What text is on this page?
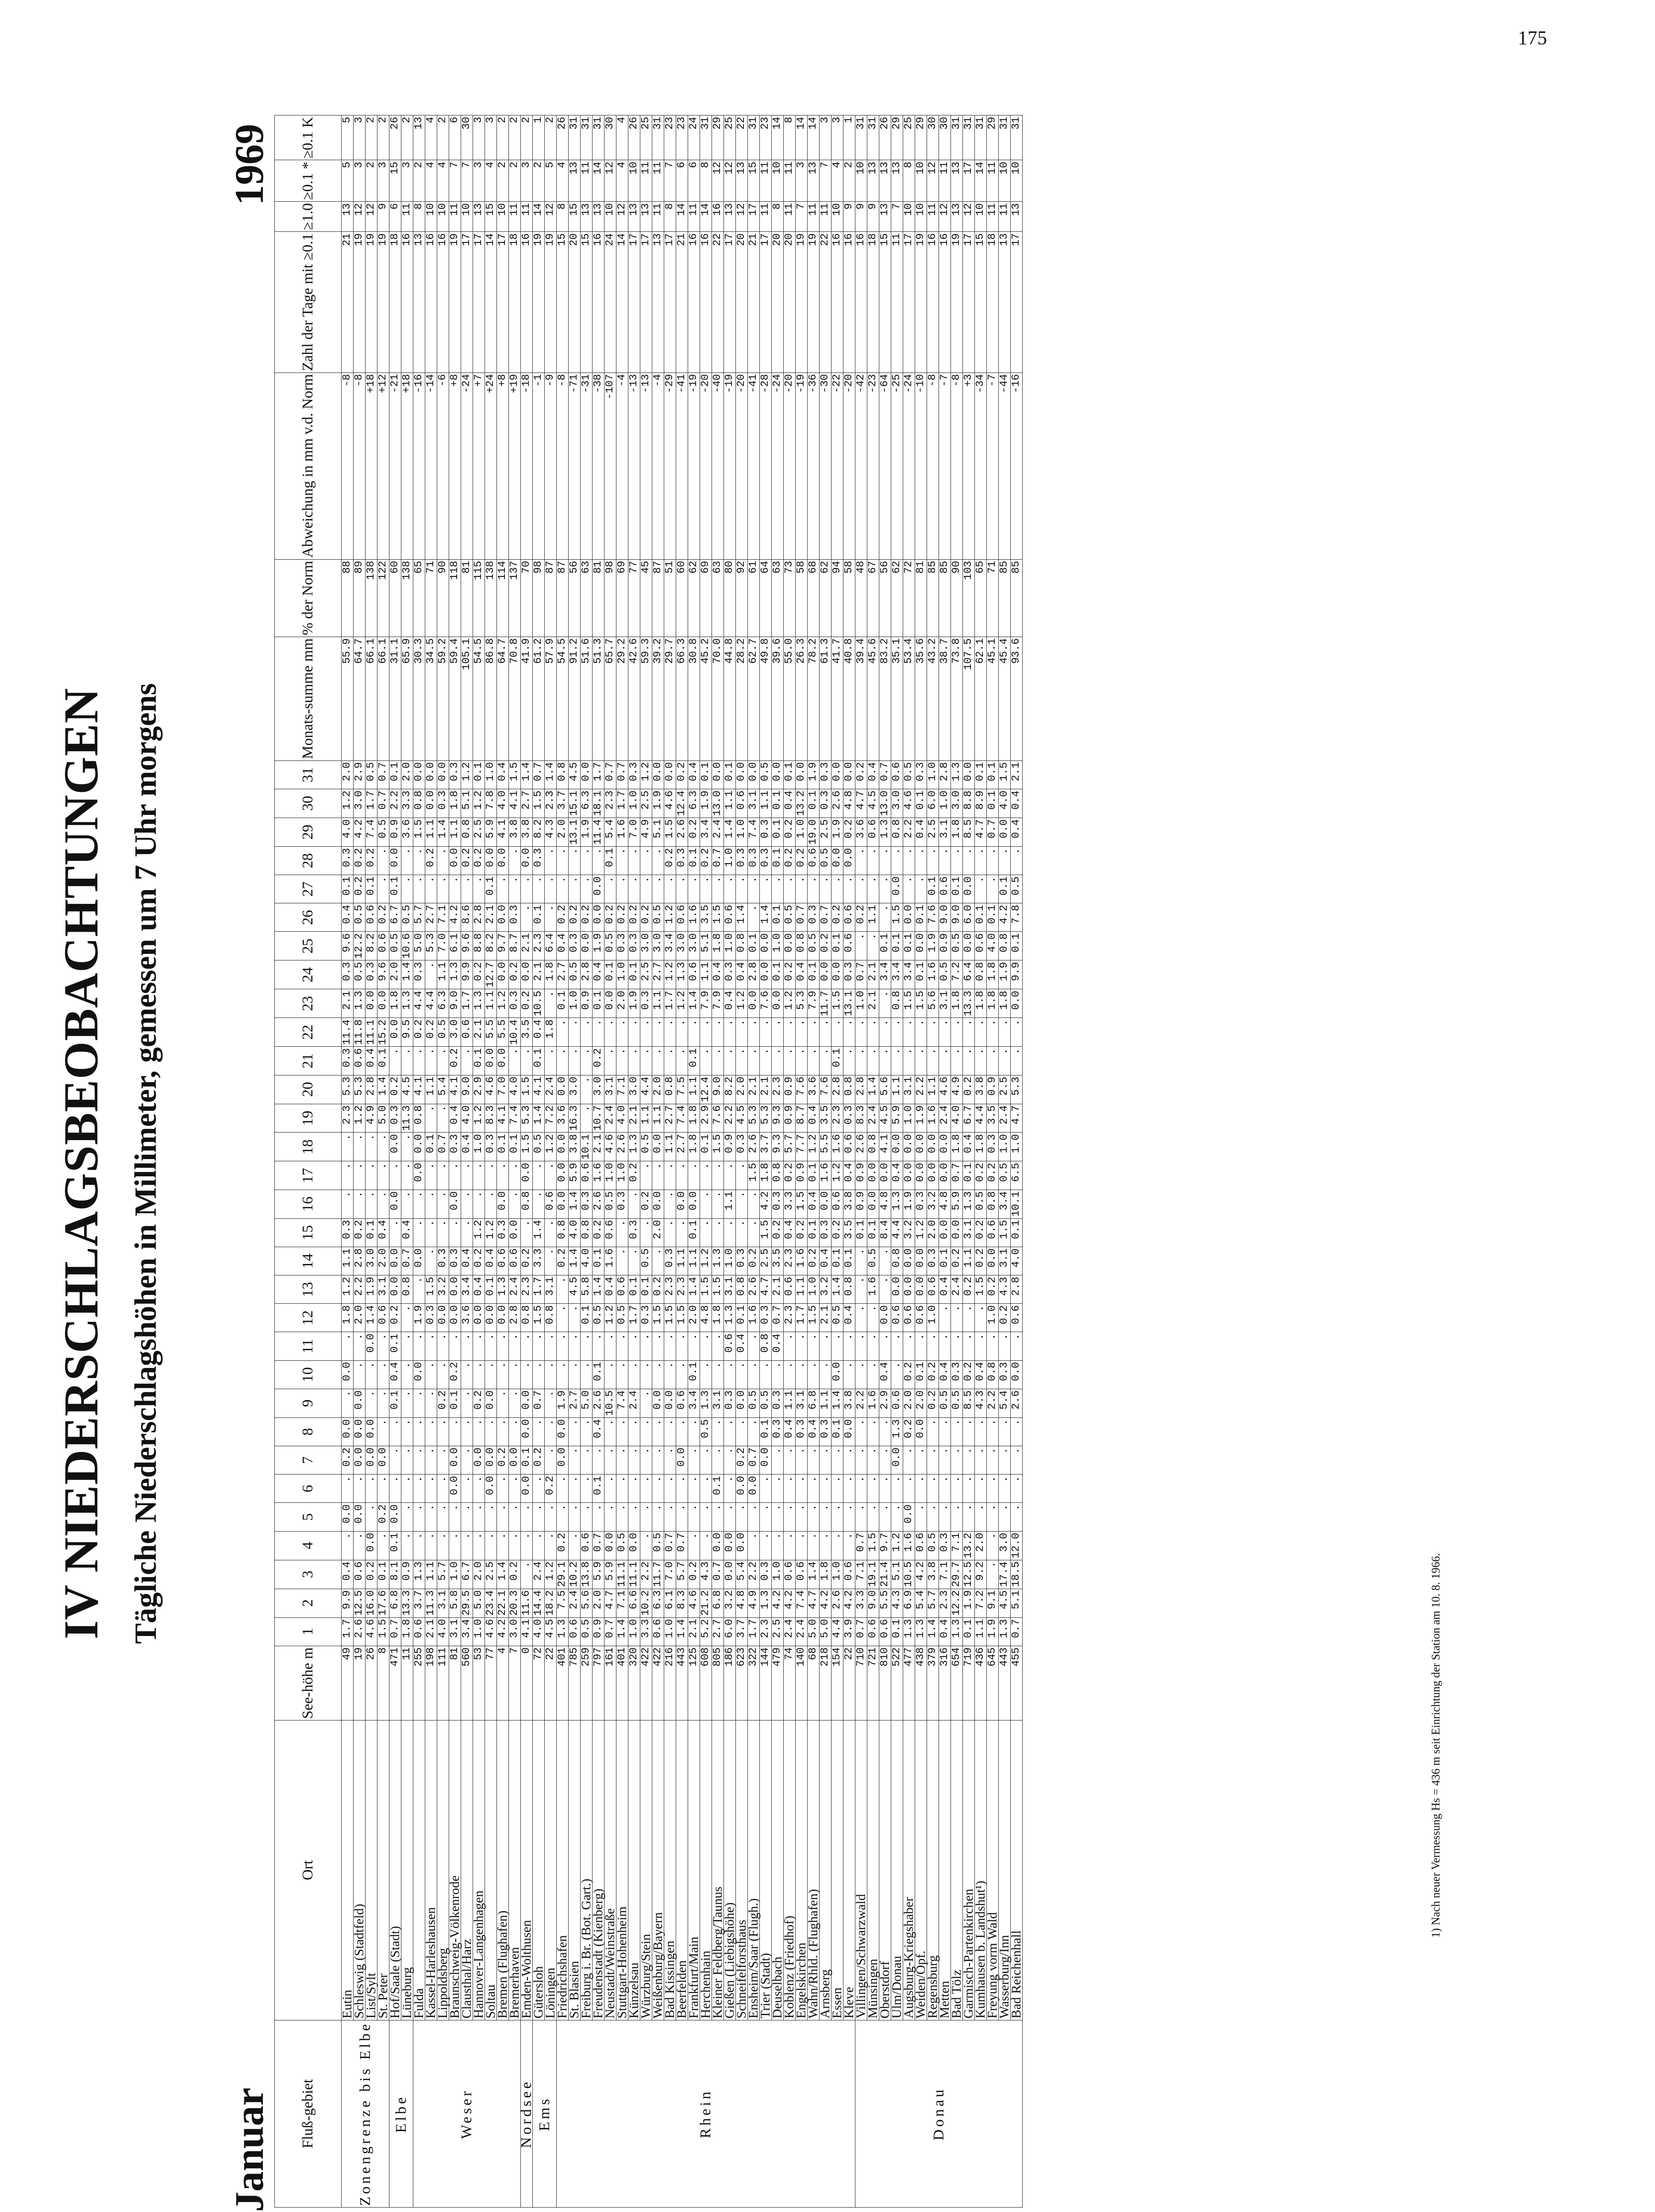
175
1) Nach neuer Vermessung Hs = 436 m seit Einrichtung der Station am 10. 8. 1966.
IV NIEDERSCHLAGSBEOBACHTUNGEN Tägliche Niederschlagshöhen in Millimeter, gemessen um 7 Uhr morgens
Januar
1969
Fluß-gebiet	Ort	See-höhe m	1	2	3	4	5	6	7	8	9	10	11	12	13	14	15	16	17	18	19	20	21	22	23	24	25	26	27	28	29	30	31	Monats-summe mm	% der Norm	Abweichung in mm v.d. Norm	Zahl der Tage mit ≥0.1	≥1.0	≥0.1 *	≥0.1 K
Zonengrenze bis Elbe	Eutin	49	1.7	9.9	0.4	.	0.0	.	0.2	0.0	.	0.0	.	1.8	1.2	1.1	0.3	.	.	.	2.3	5.3	0.3	11.4	2.1	0.3	9.6	0.4	0.1	0.3	4.0	1.2	2.0	55.9	88	-8	21	13	5	5
	Schleswig (Stadtfeld)	19	2.6	12.5	0.6	.	0.0	.	0.0	0.0	0.0	.	.	2.0	2.2	2.8	0.2	.	.	.	1.2	5.3	0.6	11.8	1.3	0.5	12.2	0.5	0.2	0.2	4.2	3.0	2.9	64.7	89	-8	19	12	3	3
	List/Sylt	26	4.6	16.0	0.2	0.0	.	.	0.0	0.0	.	.	0.0	1.4	1.9	3.0	0.1	.	.	.	4.9	2.8	0.4	11.1	0.0	0.3	8.2	0.6	0.1	0.2	7.4	1.7	0.5	66.1	138	+18	19	12	2	2
	St. Peter	8	1.5	17.6	0.1	.	0.2	.	0.0	.	.	.	.	0.6	3.1	2.0	0.4	.	.	.	5.0	1.4	0.1	15.2	0.0	9.6	0.6	0.2	.	.	0.5	0.7	0.7	66.1	122	+12	19	9	3	2
Elbe	Hof/Saale (Stadt)	471	0.7	6.8	8.1	0.1	0.0	.	.	.	0.1	0.4	0.1	0.2	0.0	0.0	.	0.0	.	0.0	0.3	0.2	.	0.0	1.8	2.0	0.5	6.7	0.1	0.0	0.9	2.2	0.1	31.1	60	-21	18	6	15	26
	Lüneburg	11	1.8	13.3	0.9	.	.	.	.	.	.	.	.	.	0.8	0.7	0.4	.	.	.	11.3	4.5	.	9.5	1.3	1.4	10.6	0.5	.	.	3.6	3.3	2.0	65.9	138	+18	16	11	3	2
Weser	Fulda	255	0.6	3.7	1.3	.	.	.	.	.	.	0.0	.	1.9	.	0.0	.	.	0.0	0.0	0.8	4.1	.	0.2	4.4	0.3	5.0	5.7	.	.	1.5	0.8	0.0	30.3	65	-16	13	8	2	13
	Kassel-Harleshausen	198	2.1	11.3	1.1	.	.	.	.	.	.	.	.	0.3	1.5	.	.	.	.	0.1	.	1.1	.	0.2	4.4	.	5.3	2.7	.	0.2	1.1	0.0	0.0	34.5	71	-14	16	10	4	4
	Lippoldsberg	111	4.0	3.1	5.7	.	.	.	.	.	0.2	.	.	0.0	3.2	0.3	.	.	.	0.7	.	5.4	.	0.5	6.3	1.1	7.0	7.1	.	.	1.4	0.3	0.0	59.2	90	-6	16	10	4	2
	Braunschweig-Völkenrode	81	3.1	5.8	1.0	.	.	0.0	0.0	.	0.1	0.2	.	0.0	0.0	0.3	.	0.0	.	0.3	0.4	4.1	0.2	3.0	9.0	1.3	6.1	4.2	.	0.0	1.1	1.8	0.3	59.4	118	+8	19	11	7	6
	Clausthal/Harz	560	3.4	29.5	6.7	.	.	.	.	.	.	.	.	3.6	3.4	0.4	.	.	.	0.4	4.0	9.0	.	0.6	1.7	9.9	9.6	8.6	.	0.2	0.8	5.1	1.2	105.1	81	-24	17	10	7	30
	Hannover-Langenhagen	53	1.0	5.0	2.0	.	.	.	0.0	.	0.2	.	.	0.0	0.4	0.2	1.2	.	.	1.0	1.2	2.9	0.1	2.1	1.3	0.2	8.8	2.8	.	0.2	2.5	1.2	0.1	54.5	115	+7	17	13	3	3
	Soltau	77	4.6	23.4	2.5	.	.	0.0	0.0	.	0.0	.	.	0.0	0.1	0.4	1.2	.	.	0.3	8.3	4.6	0.0	5.5	1.1	12.7	8.2	2.1	0.1	0.0	5.9	7.8	1.0	86.8	138	+24	14	15	4	3
	Bremen (Flughafen)	4	4.2	22.1	1.4	.	.	.	0.2	.	.	.	.	0.0	1.3	0.6	0.3	0.0	.	0.1	4.1	7.0	0.0	5.5	1.2	0.0	9.7	0.0	.	0.0	4.1	4.0	0.4	64.7	114	+8	17	10	2	2
	Bremerhaven	7	3.0	20.3	0.2	.	.	.	0.0	.	.	.	.	2.8	2.4	0.6	0.0	.	.	0.1	7.4	4.0	.	10.4	0.3	0.2	8.7	0.3	.	.	3.8	4.1	1.5	70.8	137	+19	18	11	2	2
Nordsee	Emden-Wolthusen	0	4.1	11.6	.	.	.	0.0	0.1	0.0	0.0	.	.	0.8	2.3	0.2	.	0.8	0.0	1.5	5.3	1.5	.	3.5	0.2	0.0	2.1	.	.	0.0	3.8	2.7	1.4	41.9	70	-18	16	11	3	2
Ems	Gütersloh	72	4.0	14.4	2.4	.	.	.	0.2	.	0.7	.	.	1.5	1.7	3.3	1.4	.	.	0.5	1.4	4.1	0.1	0.4	10.5	2.1	2.3	0.1	.	0.3	8.2	1.5	0.7	61.2	98	-1	19	14	2	1
	Löningen	22	4.5	18.2	1.2	.	.	0.2	.	.	.	.	.	0.8	3.1	.	.	0.6	.	1.2	7.2	2.4	.	1.8	.	1.8	6.4	.	.	.	4.3	2.3	1.4	57.9	87	-9	19	12	5	2
Rhein	Friedrichshafen	401	1.3	7.5	29.1	0.2	.	.	0.0	0.0	1.9	.	.	.	.	0.2	0.8	0.0	0.0	0.0	3.6	0.0	.	.	0.1	2.7	0.4	0.2	.	.	2.0	3.7	0.8	54.5	87	-8	15	8	4	26
	St. Blasien	785	0.6	2.4	10.2	.	.	.	.	.	2.7	.	.	.	4.5	1.4	4.0	1.4	5.9	3.8	16.3	3.0	.	.	1.0	0.5	0.3	0.2	.	.	13.1	15.1	4.5	91.2	56	-71	20	15	13	31
	Freiburg i. Br. (Bot. Gart.)	259	0.5	5.6	13.8	0.6	.	.	.	.	5.0	.	.	0.1	5.8	4.0	0.8	0.3	0.6	10.1	.	.	.	.	0.9	2.8	0.0	0.2	.	.	1.9	6.3	0.0	51.6	63	-31	15	13	11	31
	Freudenstadt (Kienberg)	797	0.9	2.0	5.9	0.7	.	0.1	.	0.4	2.6	0.1	.	0.5	1.4	0.1	0.2	2.6	1.6	2.1	10.7	3.0	0.2	.	0.1	0.4	1.9	0.0	0.0	.	11.4	18.1	1.7	51.3	81	-38	16	13	14	31
	Neustadt/Weinstraße	161	0.7	4.7	5.9	0.0	.	.	.	.	10.5	.	.	1.2	0.4	1.6	0.6	0.5	1.0	4.6	2.4	3.1	.	.	0.0	0.1	0.5	0.2	.	0.1	5.4	2.3	0.7	65.7	98	-107	24	10	12	30
	Stuttgart-Hohenheim	401	1.4	7.1	11.1	0.5	.	.	.	.	7.4	.	.	0.5	0.6	.	.	0.3	1.0	2.6	4.0	7.1	.	.	2.0	1.0	0.3	0.2	.	.	1.6	1.7	0.7	29.2	69	-4	14	12	4	4
	Künzelsau	320	1.0	6.6	11.1	0.0	.	.	.	.	2.4	.	.	1.7	0.1	.	0.3	.	0.2	1.3	2.1	3.0	.	.	1.9	0.1	0.3	0.2	.	.	7.0	1.0	0.3	42.6	77	-13	17	13	10	26
	Würzburg/Stein	422	3.3	10.2	2.2	.	.	.	.	.	.	.	.	0.3	0.1	0.5	.	0.2	.	0.5	1.1	4.4	.	.	0.3	2.5	3.0	0.2	.	.	4.9	2.5	1.2	59.3	45	-13	17	13	11	25
	Weißenburg/Bayern	422	0.6	6.3	11.7	0.5	.	.	.	.	0.0	.	.	1.5	0.2	.	2.0	0.0	.	0.0	1.1	2.0	.	.	1.1	2.7	3.0	0.5	.	.	5.1	1.9	0.0	39.2	87	-4	13	11	11	31
	Bad Kissingen	216	1.0	6.1	7.0	0.7	.	.	.	.	0.0	.	.	1.5	2.3	0.3	.	.	.	1.1	2.7	0.8	.	.	1.7	1.2	3.4	1.2	.	0.2	1.5	4.6	0.0	29.7	51	-29	17	8	7	23
	Beerfelden	443	1.4	8.3	5.7	0.7	.	.	0.0	.	0.6	.	.	1.5	2.3	1.1	.	0.0	.	2.7	7.4	7.5	.	.	1.2	1.3	3.0	0.6	.	0.3	2.6	12.4	0.2	66.3	60	-41	21	14	6	23
	Frankfurt/Main	125	2.1	4.6	0.2	.	.	.	.	.	3.4	0.1	.	2.0	1.4	1.1	0.1	0.0	.	1.8	1.8	1.1	0.1	.	1.4	0.6	3.0	1.6	.	0.1	0.2	6.3	0.4	30.8	62	-19	16	11	6	24
	Herchenhain	608	5.2	21.2	4.3	.	.	.	.	0.5	1.3	.	.	4.8	1.5	1.2	.	.	.	0.1	2.9	12.4	.	.	7.9	1.1	5.1	3.5	.	0.2	3.4	1.9	0.1	45.2	69	-20	16	14	8	31
	Kleiner Feldberg/Taunus	805	2.7	6.8	0.7	0.0	.	0.1	.	.	3.1	.	.	1.8	1.5	1.3	.	.	.	1.5	7.6	9.0	.	.	7.9	0.4	1.8	1.5	.	0.7	2.4	13.0	0.0	70.0	63	-40	22	16	12	29
	Gießen (Liebigshöhe)	186	6.0	3.2	0.0	0.0	.	.	.	.	0.3	.	0.6	1.3	3.1	1.0	.	1.1	.	0.9	2.2	8.2	.	.	0.4	0.3	1.0	0.6	.	1.0	1.4	1.1	0.1	44.8	80	-19	17	13	12	25
	Schneifelforsthaus	623	3.7	4.8	5.4	0.0	.	0.0	0.2	.	0.0	.	0.4	0.1	0.8	0.3	.	.	.	0.3	4.5	2.0	.	.	1.2	0.4	0.8	1.4	.	0.3	1.0	0.6	0.0	28.2	92	-20	20	12	13	22
	Ensheim/Saar (Flugh.)	322	1.7	4.9	2.2	.	.	0.0	0.7	.	0.5	.	.	1.6	2.6	0.2	.	.	1.5	2.6	5.3	2.1	.	.	0.0	2.8	0.1	.	.	0.3	7.4	3.1	0.0	62.7	61	-41	21	17	15	31
	Trier (Stadt)	144	2.3	1.3	0.3	.	.	.	0.0	0.1	0.5	.	0.8	0.3	4.7	2.5	1.5	4.2	1.8	3.7	5.3	2.1	.	.	7.6	0.0	0.0	1.4	.	0.3	0.3	1.1	0.5	49.8	64	-28	17	11	11	23
	Deuselbach	479	2.5	4.2	1.0	.	.	.	.	0.3	0.3	.	0.4	0.7	2.1	3.5	0.2	0.3	0.8	9.3	9.3	2.3	.	.	0.0	0.1	1.0	0.1	.	0.1	0.1	0.1	0.0	39.6	63	-24	20	8	10	14
	Koblenz (Friedhof)	74	2.4	4.2	0.6	.	.	.	.	0.4	1.1	.	.	2.3	0.6	2.3	0.4	3.3	0.2	5.7	0.9	0.9	.	.	1.2	0.2	0.0	0.5	.	0.2	0.2	0.4	0.1	55.0	73	-20	20	11	11	8
	Engelskirchen	140	2.4	7.4	0.6	.	.	.	.	0.3	3.1	.	.	1.7	1.1	1.6	0.2	1.5	0.9	7.7	8.7	7.6	.	.	5.3	0.4	0.8	0.7	.	0.2	1.0	13.2	0.0	26.3	58	-19	19	7	3	14
	Wahn/Rhld. (Flughafen)	68	5.0	4.7	1.4	.	.	.	.	0.4	6.8	.	.	1.5	1.0	0.2	0.1	0.4	0.1	1.2	0.4	3.6	.	.	7.9	0.1	0.5	0.3	.	0.6	19.0	0.1	1.9	78.2	68	-36	19	11	13	14
	Arnsberg	218	5.0	4.2	1.8	.	.	.	.	0.3	1.1	.	.	2.1	3.2	0.4	0.3	0.0	1.6	5.5	3.5	7.6	.	.	11.7	0.0	0.2	0.7	.	0.5	2.5	0.3	0.3	61.3	62	-30	22	11	7	3
	Essen	154	4.4	2.6	1.0	.	.	.	.	0.1	1.4	0.0	.	0.5	1.4	0.1	0.2	0.6	1.2	1.6	2.3	2.8	0.1	.	1.5	0.0	0.1	0.2	.	0.0	1.9	2.6	0.0	41.7	94	-22	16	10	4	3
	Kleve	22	3.9	4.2	0.6	.	.	.	.	0.0	3.8	.	.	0.4	0.8	0.1	3.5	3.8	0.4	0.6	0.3	0.8	.	.	13.1	0.3	0.6	0.6	.	0.0	0.2	4.8	0.0	40.8	58	-20	16	9	2	1
Donau	Villingen/Schwarzwald	710	0.7	3.3	7.1	0.7	.	.	.	.	2.2	.	.	.	.	.	0.1	0.9	0.9	2.6	8.3	2.8	.	.	1.0	0.7	.	0.2	.	.	3.6	4.7	0.2	39.4	48	-42	16	9	10	31
	Münsingen	721	0.6	9.0	19.1	1.5	.	.	.	.	1.6	.	.	.	1.6	0.5	0.1	0.0	0.0	0.8	2.4	1.4	.	.	2.1	2.1	.	1.1	.	.	0.6	4.5	0.4	45.6	67	-23	18	9	13	31
	Oberstdorf	810	0.6	5.5	21.4	9.7	.	.	.	.	2.9	0.4	.	0.0	.	.	8.4	4.8	0.0	4.1	4.5	5.6	.	.	.	3.4	0.1	.	.	.	1.3	13.0	0.7	83.2	56	-64	15	13	13	26
	Ulm/Donau	522	0.1	4.3	5.1	1.2	.	.	0.0	1.3	0.6	.	.	0.6	0.0	0.8	4.4	1.3	0.4	0.0	5.9	1.1	.	.	0.8	3.4	0.1	1.5	0.0	.	0.8	3.0	0.6	35.1	62	-25	11	7	13	29
	Augsburg-Kriegshaber	477	1.3	6.9	10.5	1.6	0.0	.	.	0.2	2.0	0.2	.	0.6	0.0	0.0	3.2	1.9	0.0	0.0	1.0	3.1	.	.	1.5	3.4	0.1	0.0	.	.	2.2	4.6	0.5	53.4	72	-24	17	10	8	25
	Weiden/Opf.	438	1.3	5.4	4.2	0.6	.	.	.	0.0	2.0	0.1	.	0.6	0.0	0.0	1.2	0.3	0.0	0.0	1.9	2.2	.	.	1.5	0.1	0.0	0.1	.	.	0.4	0.1	0.3	35.6	81	-10	19	10	10	29
	Regensburg	379	1.4	5.7	3.8	0.5	.	.	.	.	0.2	0.2	.	1.0	0.6	0.3	2.0	3.2	0.0	0.0	1.6	1.1	.	.	5.6	1.6	1.9	7.6	0.1	.	2.5	6.0	1.0	43.2	85	-8	16	11	12	30
	Metten	316	0.4	2.3	7.1	0.3	.	.	.	.	0.5	0.4	.	.	0.4	0.1	0.0	4.8	0.0	0.0	2.4	4.6	.	.	3.1	0.5	0.9	9.0	0.6	.	3.1	1.0	2.8	38.7	85	-7	16	12	11	30
	Bad Tölz	654	1.3	12.2	29.7	7.1	.	.	.	.	0.5	0.3	.	.	2.4	0.2	0.0	5.9	0.7	1.8	4.0	4.9	.	.	1.8	7.2	0.5	9.0	0.1	.	1.8	3.0	1.3	73.8	90	-8	19	13	13	31
	Garmisch-Partenkirchen	719	0.1	1.9	12.5	13.2	.	.	.	.	8.5	0.2	.	.	0.2	1.1	3.1	1.3	0.1	0.4	6.7	0.2	.	.	13.3	6.4	0.0	6.0	0.0	.	8.5	8.8	0.0	107.5	103	+3	17	12	17	31
	Kumhausen b. Landshut¹)	436	1.1	7.2	9.2	2.0	.	.	.	.	4.3	0.4	.	.	1.5	0.2	0.2	0.5	0.2	1.8	4.4	3.8	.	.	1.8	0.8	0.6	0.1	.	.	4.7	8.9	0.1	62.1	65	-34	15	10	14	31
	Freyung vorm Wald	645	1.9	9.1	.	.	.	.	.	.	2.2	0.8	.	1.0	0.2	0.0	0.6	0.8	0.2	0.3	3.5	0.9	.	.	1.8	1.8	4.0	0.1	.	.	0.7	0.1	0.1	45.1	71	-7	18	11	11	29
	Wasserburg/Inn	443	1.3	4.5	17.4	3.0	.	.	.	.	5.4	0.3	.	0.2	4.3	3.1	1.5	3.4	0.5	1.0	2.4	2.5	.	.	1.8	1.9	0.8	4.2	0.1	.	0.0	4.0	1.5	45.4	85	-44	13	11	10	31
	Bad Reichenhall	455	0.7	5.1	18.5	12.0	.	.	.	.	2.6	0.0	.	0.6	2.8	4.0	0.1	10.1	6.5	1.0	4.7	5.3	.	.	0.0	9.9	0.1	7.8	0.5	.	0.4	0.4	2.1	93.6	85	-16	17	13	10	31
